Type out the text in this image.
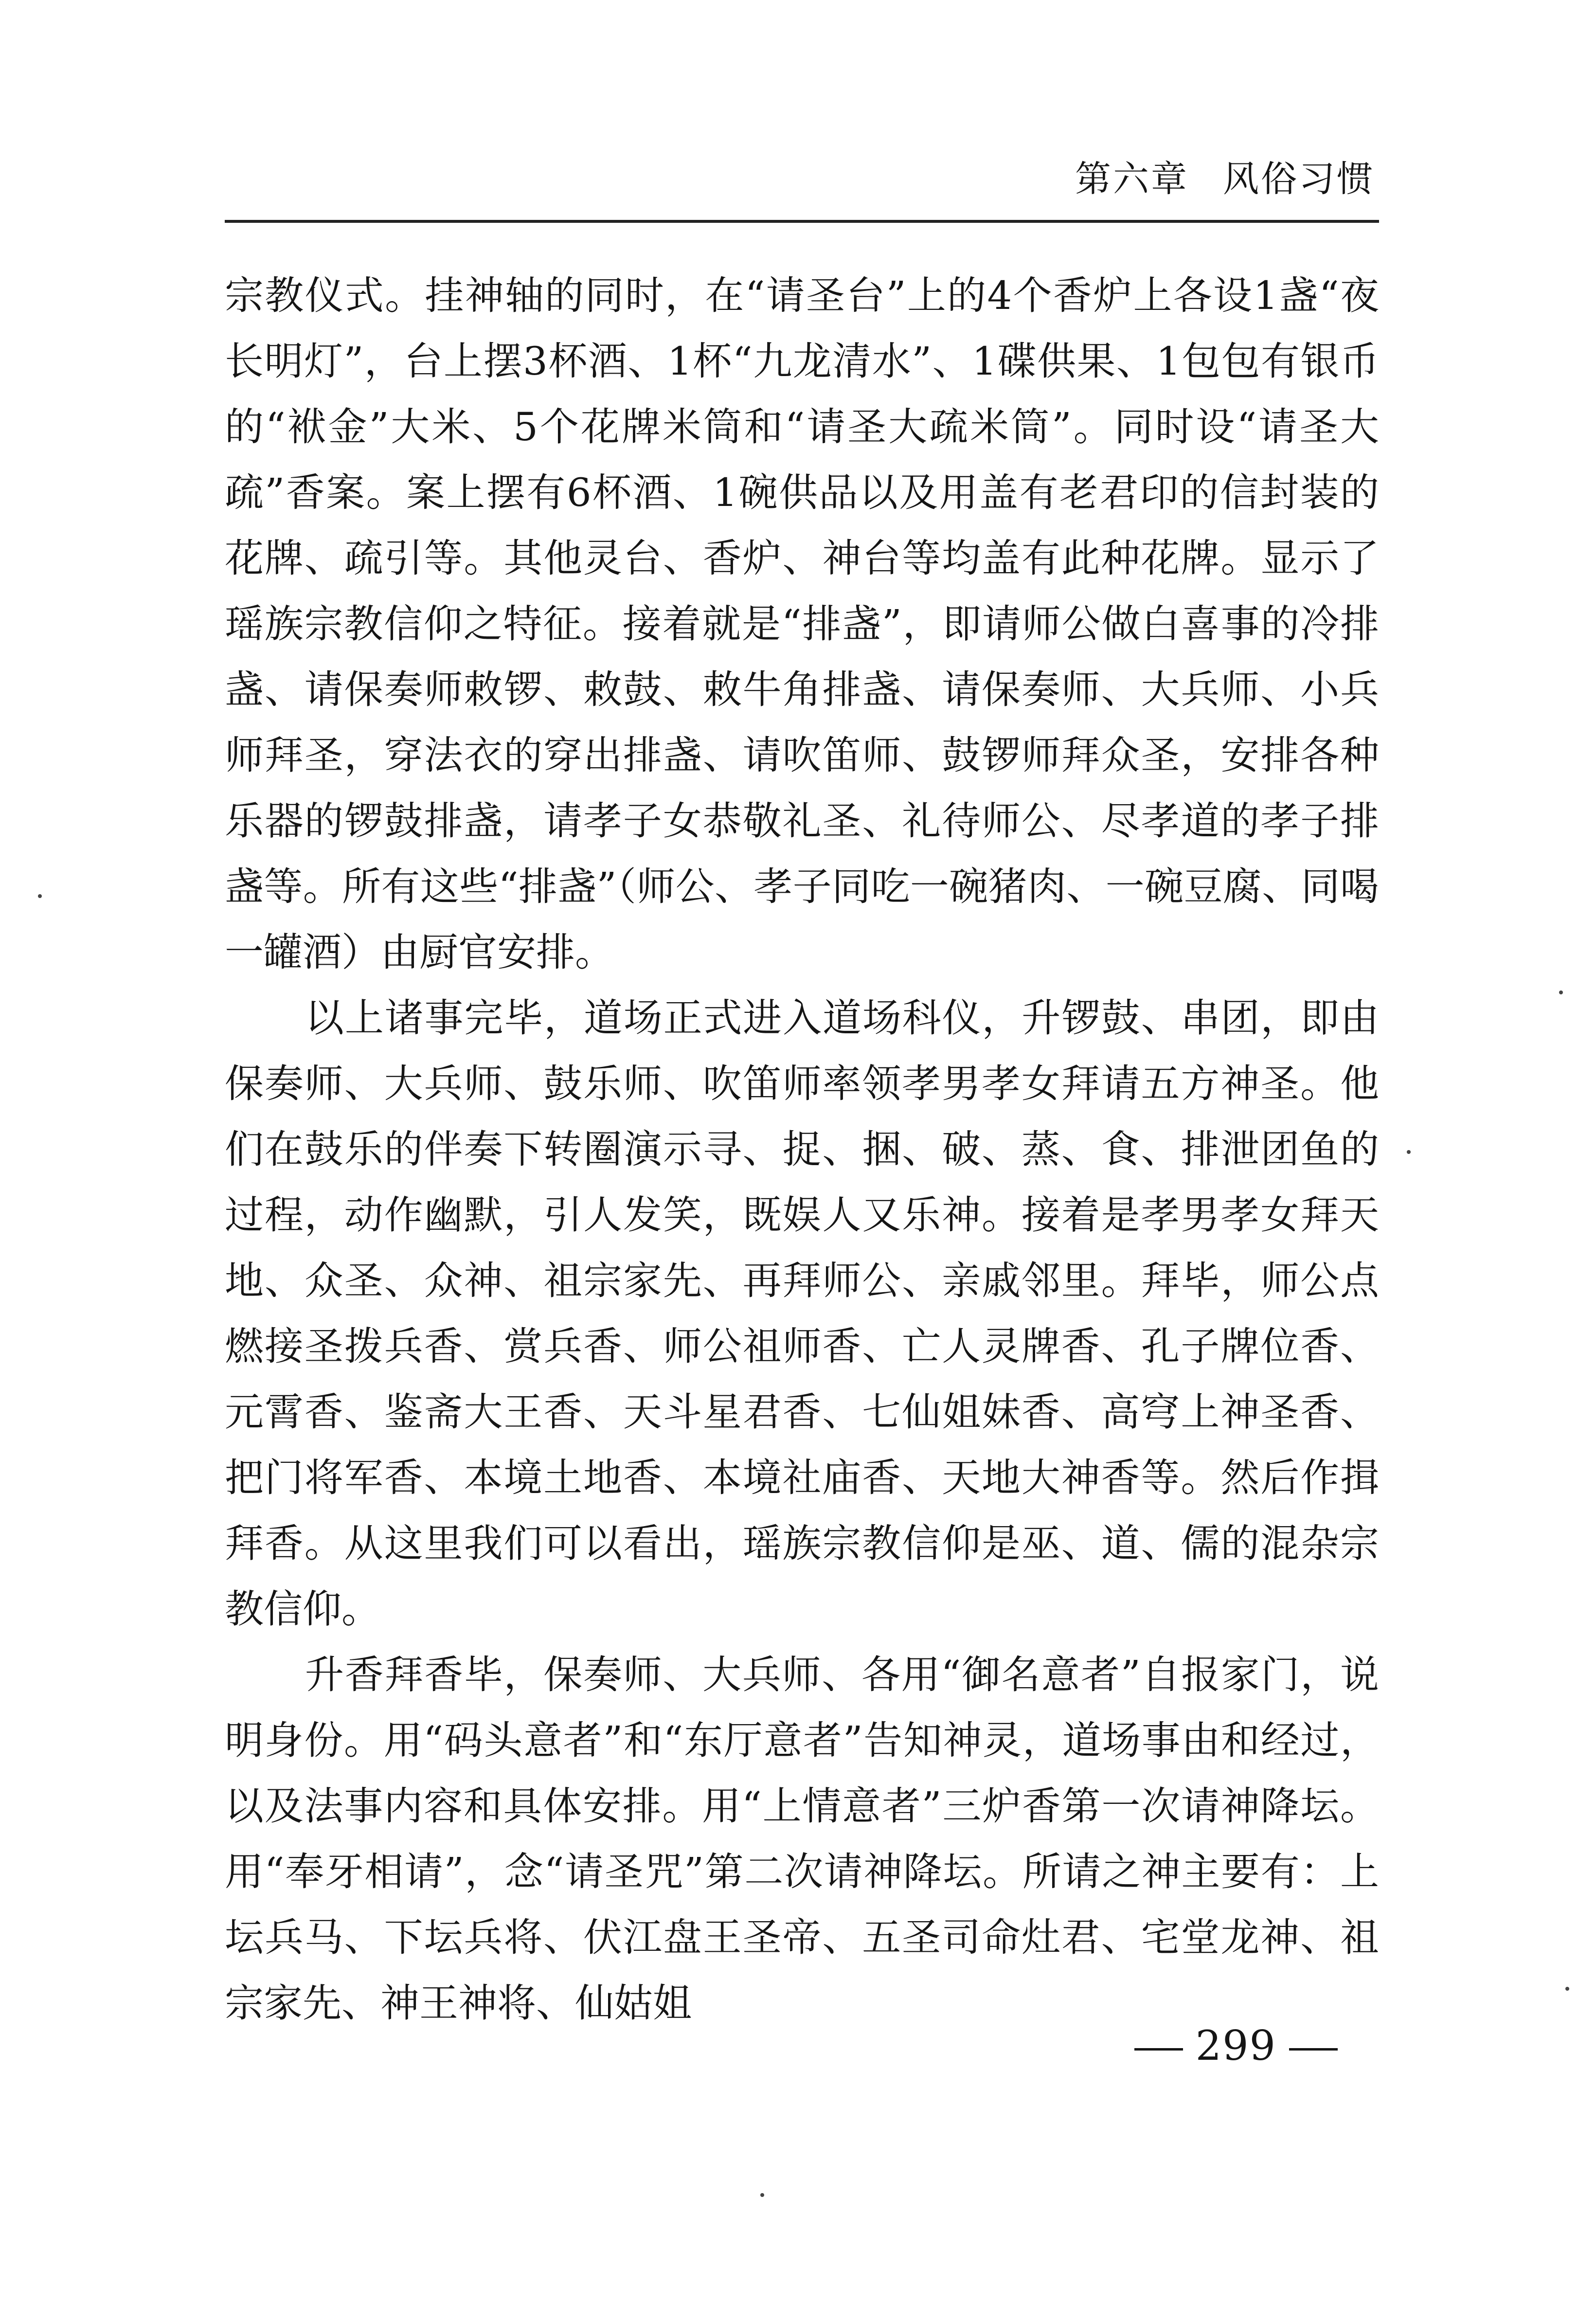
第六章 风俗习惯

宗教仪式。挂神轴的同时，在“请圣台”上的4个香炉上各设1盏“夜长明灯”，台上摆3杯酒、1杯“九龙清水”、1碟供果、1包包有银币的“袱金”大米、5个花牌米筒和“请圣大疏米筒”。同时设“请圣大疏”香案。案上摆有6杯酒、1碗供品以及用盖有老君印的信封装的花牌、疏引等。其他灵台、香炉、神台等均盖有此种花牌。显示了瑶族宗教信仰之特征。接着就是“排盏”，即请师公做白喜事的冷排盏、请保奏师敕锣、敕鼓、敕牛角排盏、请保奏师、大兵师、小兵师拜圣，穿法衣的穿出排盏、请吹笛师、鼓锣师拜众圣，安排各种乐器的锣鼓排盏，请孝子女恭敬礼圣、礼待师公、尽孝道的孝子排盏等。所有这些“排盏”（师公、孝子同吃一碗猪肉、一碗豆腐、同喝一罐酒）由厨官安排。

以上诸事完毕，道场正式进入道场科仪，升锣鼓、串团，即由保奏师、大兵师、鼓乐师、吹笛师率领孝男孝女拜请五方神圣。他们在鼓乐的伴奏下转圈演示寻、捉、捆、破、蒸、食、排泄团鱼的过程，动作幽默，引人发笑，既娱人又乐神。接着是孝男孝女拜天地、众圣、众神、祖宗家先、再拜师公、亲戚邻里。拜毕，师公点燃接圣拨兵香、赏兵香、师公祖师香、亡人灵牌香、孔子牌位香、元霄香、鉴斋大王香、天斗星君香、七仙姐妹香、高穹上神圣香、把门将军香、本境土地香、本境社庙香、天地大神香等。然后作揖拜香。从这里我们可以看出，瑶族宗教信仰是巫、道、儒的混杂宗教信仰。

升香拜香毕，保奏师、大兵师、各用“御名意者”自报家门，说明身份。用“码头意者”和“东厅意者”告知神灵，道场事由和经过，以及法事内容和具体安排。用“上情意者”三炉香第一次请神降坛。用“奉牙相请”，念“请圣咒”第二次请神降坛。所请之神主要有：上坛兵马、下坛兵将、伏江盘王圣帝、五圣司命灶君、宅堂龙神、祖宗家先、神王神将、仙姑姐

299
